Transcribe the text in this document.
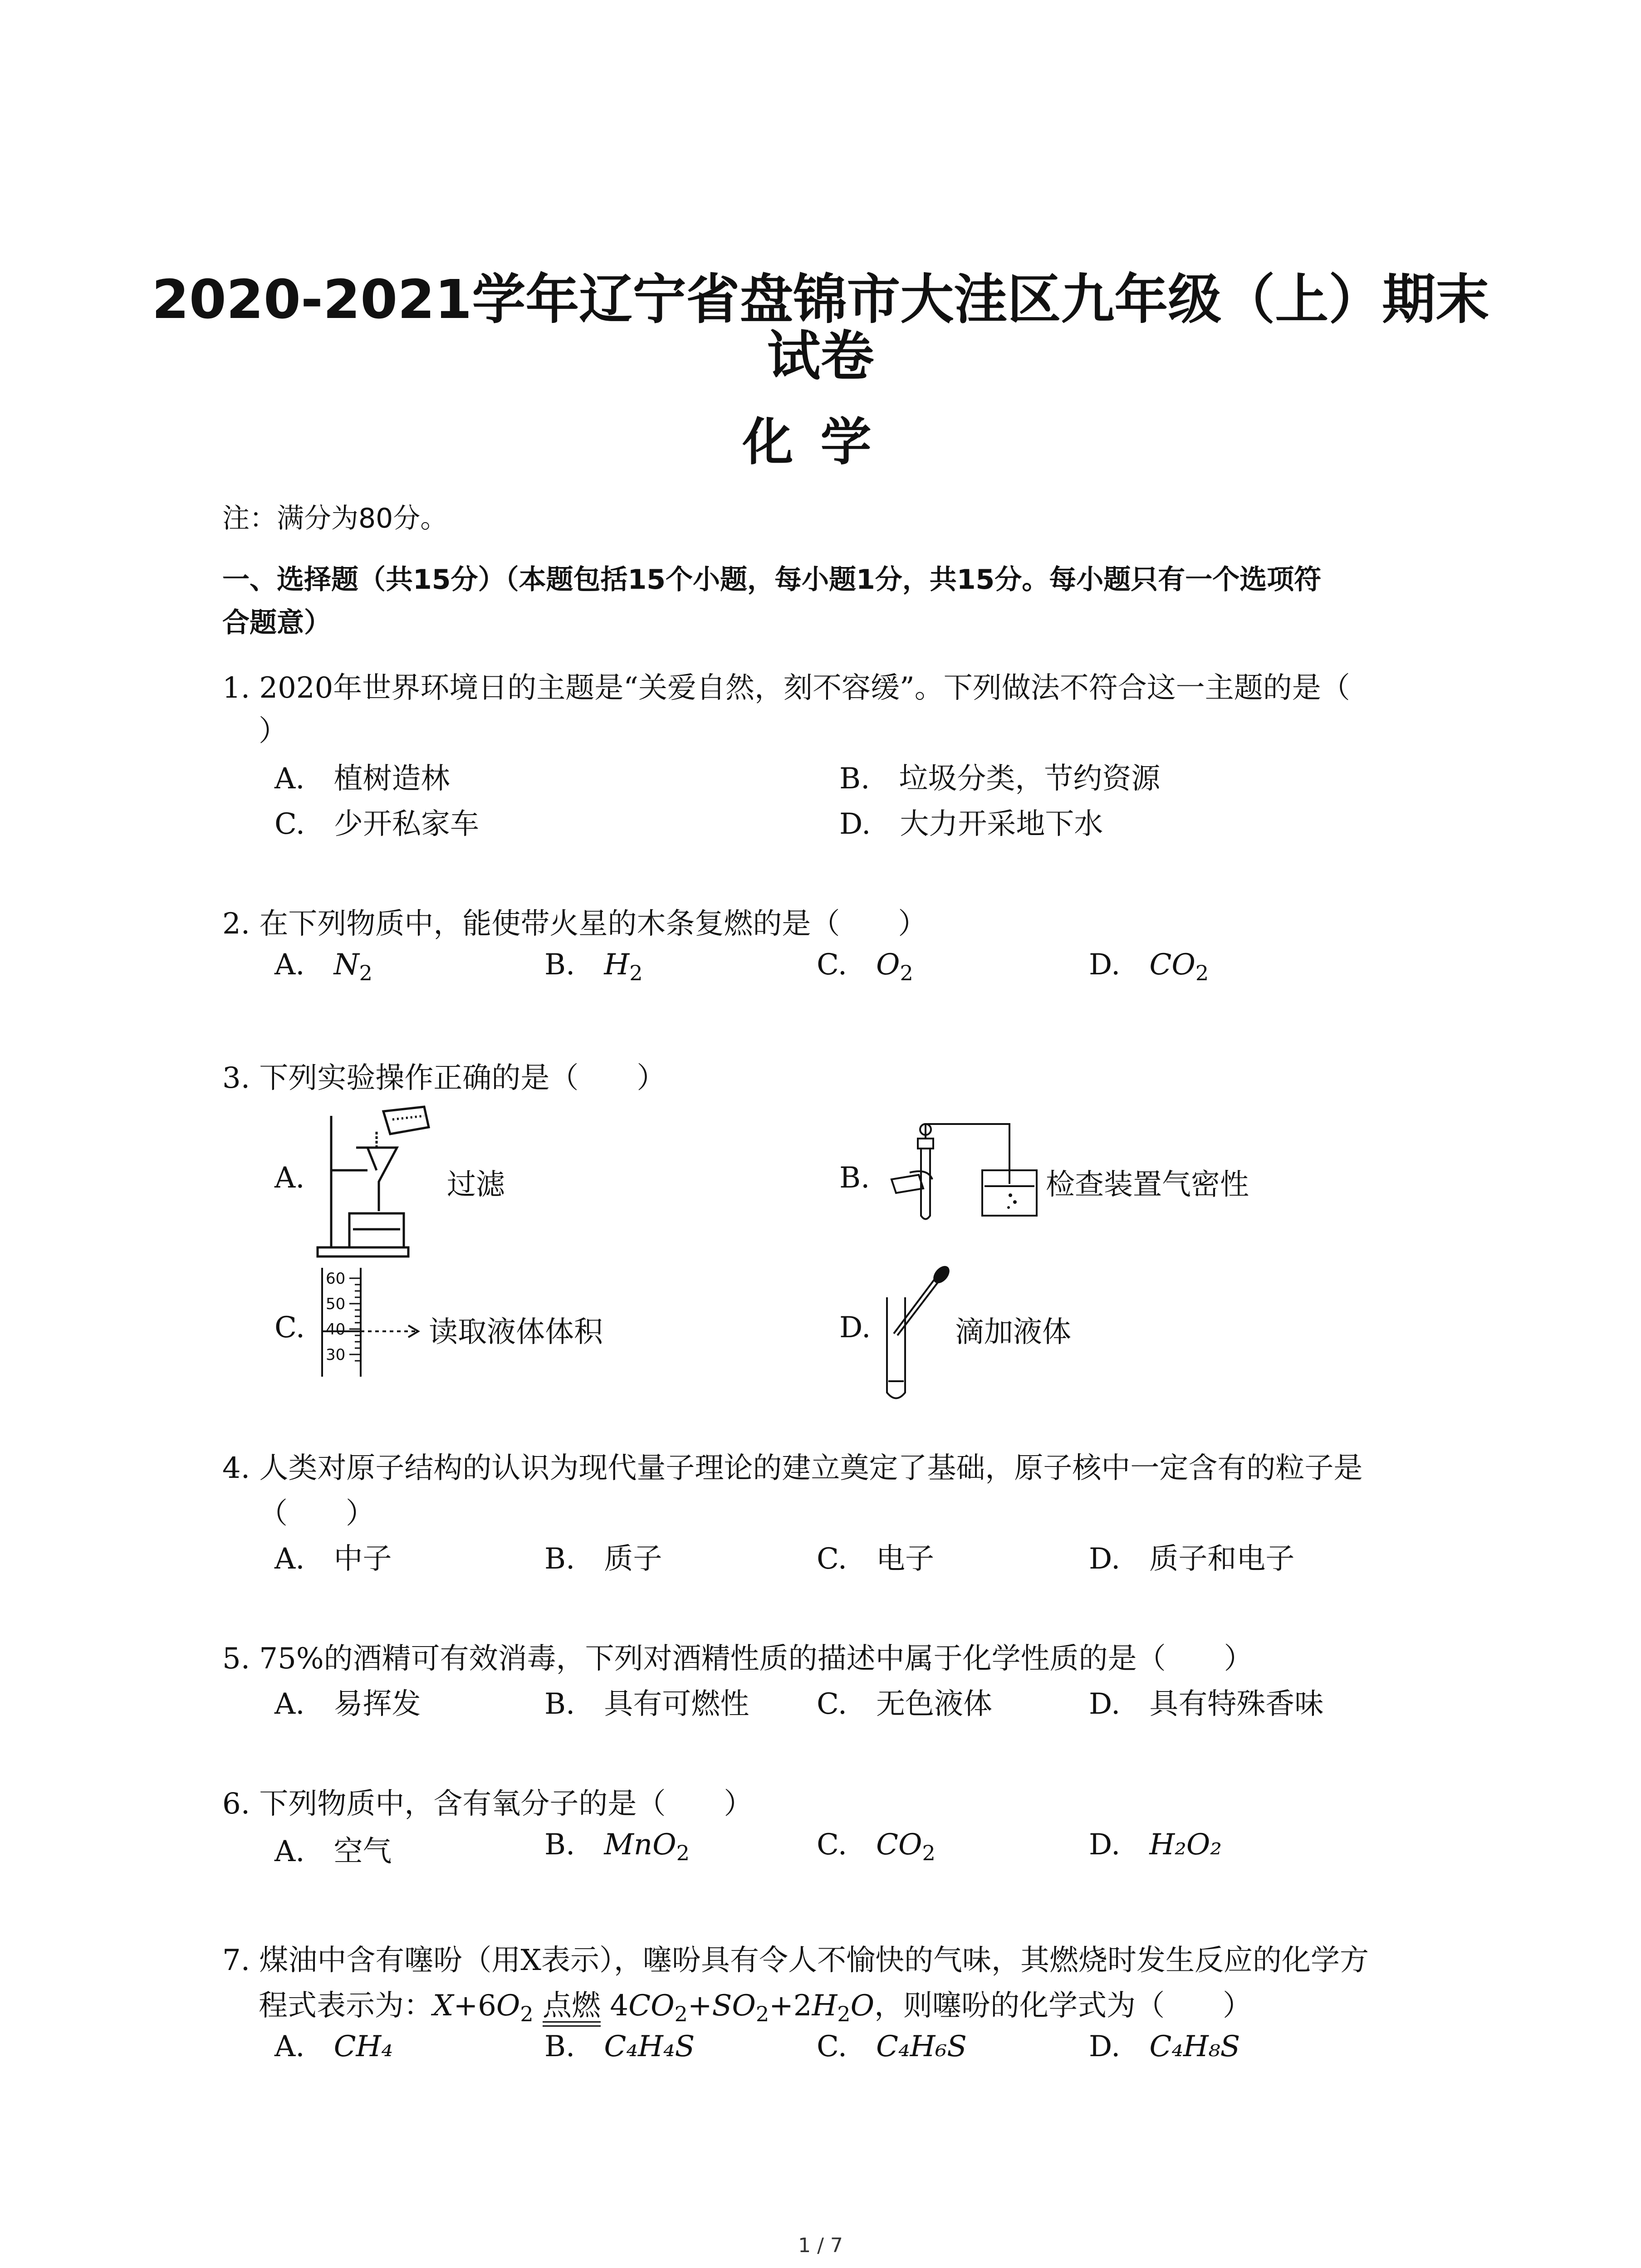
2020-2021学年辽宁省盘锦市大洼区九年级（上）期末
试卷
化学
注：满分为80分。
一、选择题（共15分）（本题包括15个小题，每小题1分，共15分。每小题只有一个选项符
合题意）
1. 2020年世界环境日的主题是“关爱自然，刻不容缓”。下列做法不符合这一主题的是（
）
A.  植树造林	B.  垃圾分类，节约资源
C.  少开私家车	D.  大力开采地下水
2. 在下列物质中，能使带火星的木条复燃的是（　　）
A.  $N_2$	B.  $H_2$	C.  $O_2$	D.  $CO_2$
3. 下列实验操作正确的是（　　）
A.	过滤	B.	检查装置气密性
C.
60
50
40
30
读取液体体积	D.	滴加液体
4. 人类对原子结构的认识为现代量子理论的建立奠定了基础，原子核中一定含有的粒子是
（　　）
A.  中子	B.  质子	C.  电子	D.  质子和电子
5. 75%的酒精可有效消毒，下列对酒精性质的描述中属于化学性质的是（　　）
A.  易挥发	B.  具有可燃性 C.  无色液体	D.  具有特殊香味
6. 下列物质中，含有氧分子的是（　　）
A.  空气	B.  MnO$_2$	C.  $CO_2$	D.  H₂O₂
7. 煤油中含有噻吩（用X表示），噻吩具有令人不愉快的气味，其燃烧时发生反应的化学方
程式表示为：$X+6O_2$ 点燃 $4CO_2+SO_2+2H_2O$，则噻吩的化学式为（　　）
A.  CH₄	B.  C₄H₄S	C.  C₄H₆S	D.  C₄H₈S
1 / 7
